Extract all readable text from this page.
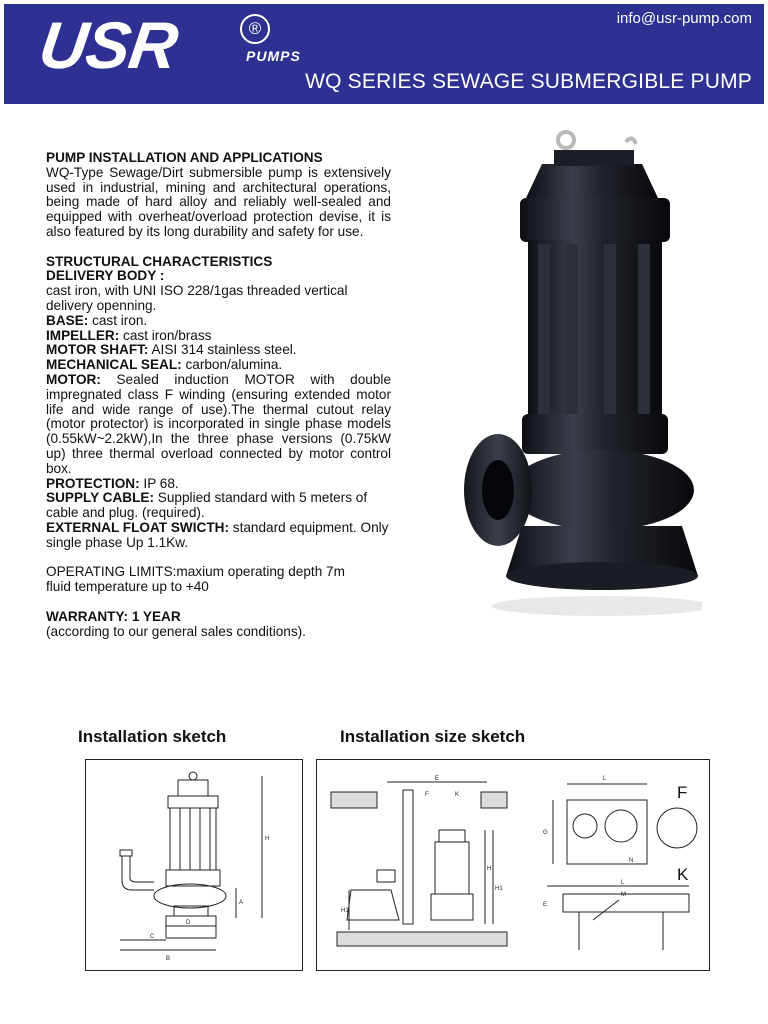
USR	®
PUMPS
info@usr-pump.com
WQ SERIES SEWAGE SUBMERGIBLE PUMP

PUMP INSTALLATION AND APPLICATIONS

WQ-Type Sewage/Dirt submersible pump is extensively used in industrial, mining and architectural operations, being made of hard alloy and reliably well-sealed and equipped with overheat/overload protection devise, it is also featured by its long durability and safety for use.

STRUCTURAL CHARACTERISTICS

DELIVERY BODY :

cast iron, with UNI ISO 228/1gas threaded vertical delivery openning.

BASE: cast iron.

IMPELLER: cast iron/brass

MOTOR SHAFT: AISI 314 stainless steel.

MECHANICAL SEAL: carbon/alumina.

MOTOR: Sealed induction MOTOR with double impregnated class F winding (ensuring extended motor life and wide range of use).The thermal cutout relay (motor protector) is incorporated in single phase models (0.55kW~2.2kW),In the three phase versions (0.75kW up) three thermal overload connected by motor control box.

PROTECTION: IP 68.

SUPPLY CABLE: Supplied standard with 5 meters of cable and plug. (required).

EXTERNAL FLOAT SWICTH: standard equipment. Only single phase Up 1.1Kw.

OPERATING LIMITS:maxium operating depth 7m

fluid temperature up to +40

WARRANTY: 1 YEAR

(according to our general sales conditions).

Installation sketch	Installation size sketch
H
A
C
B
D
E
K
F
H
H1
H1
L
G
N
L
M
E
F
K
